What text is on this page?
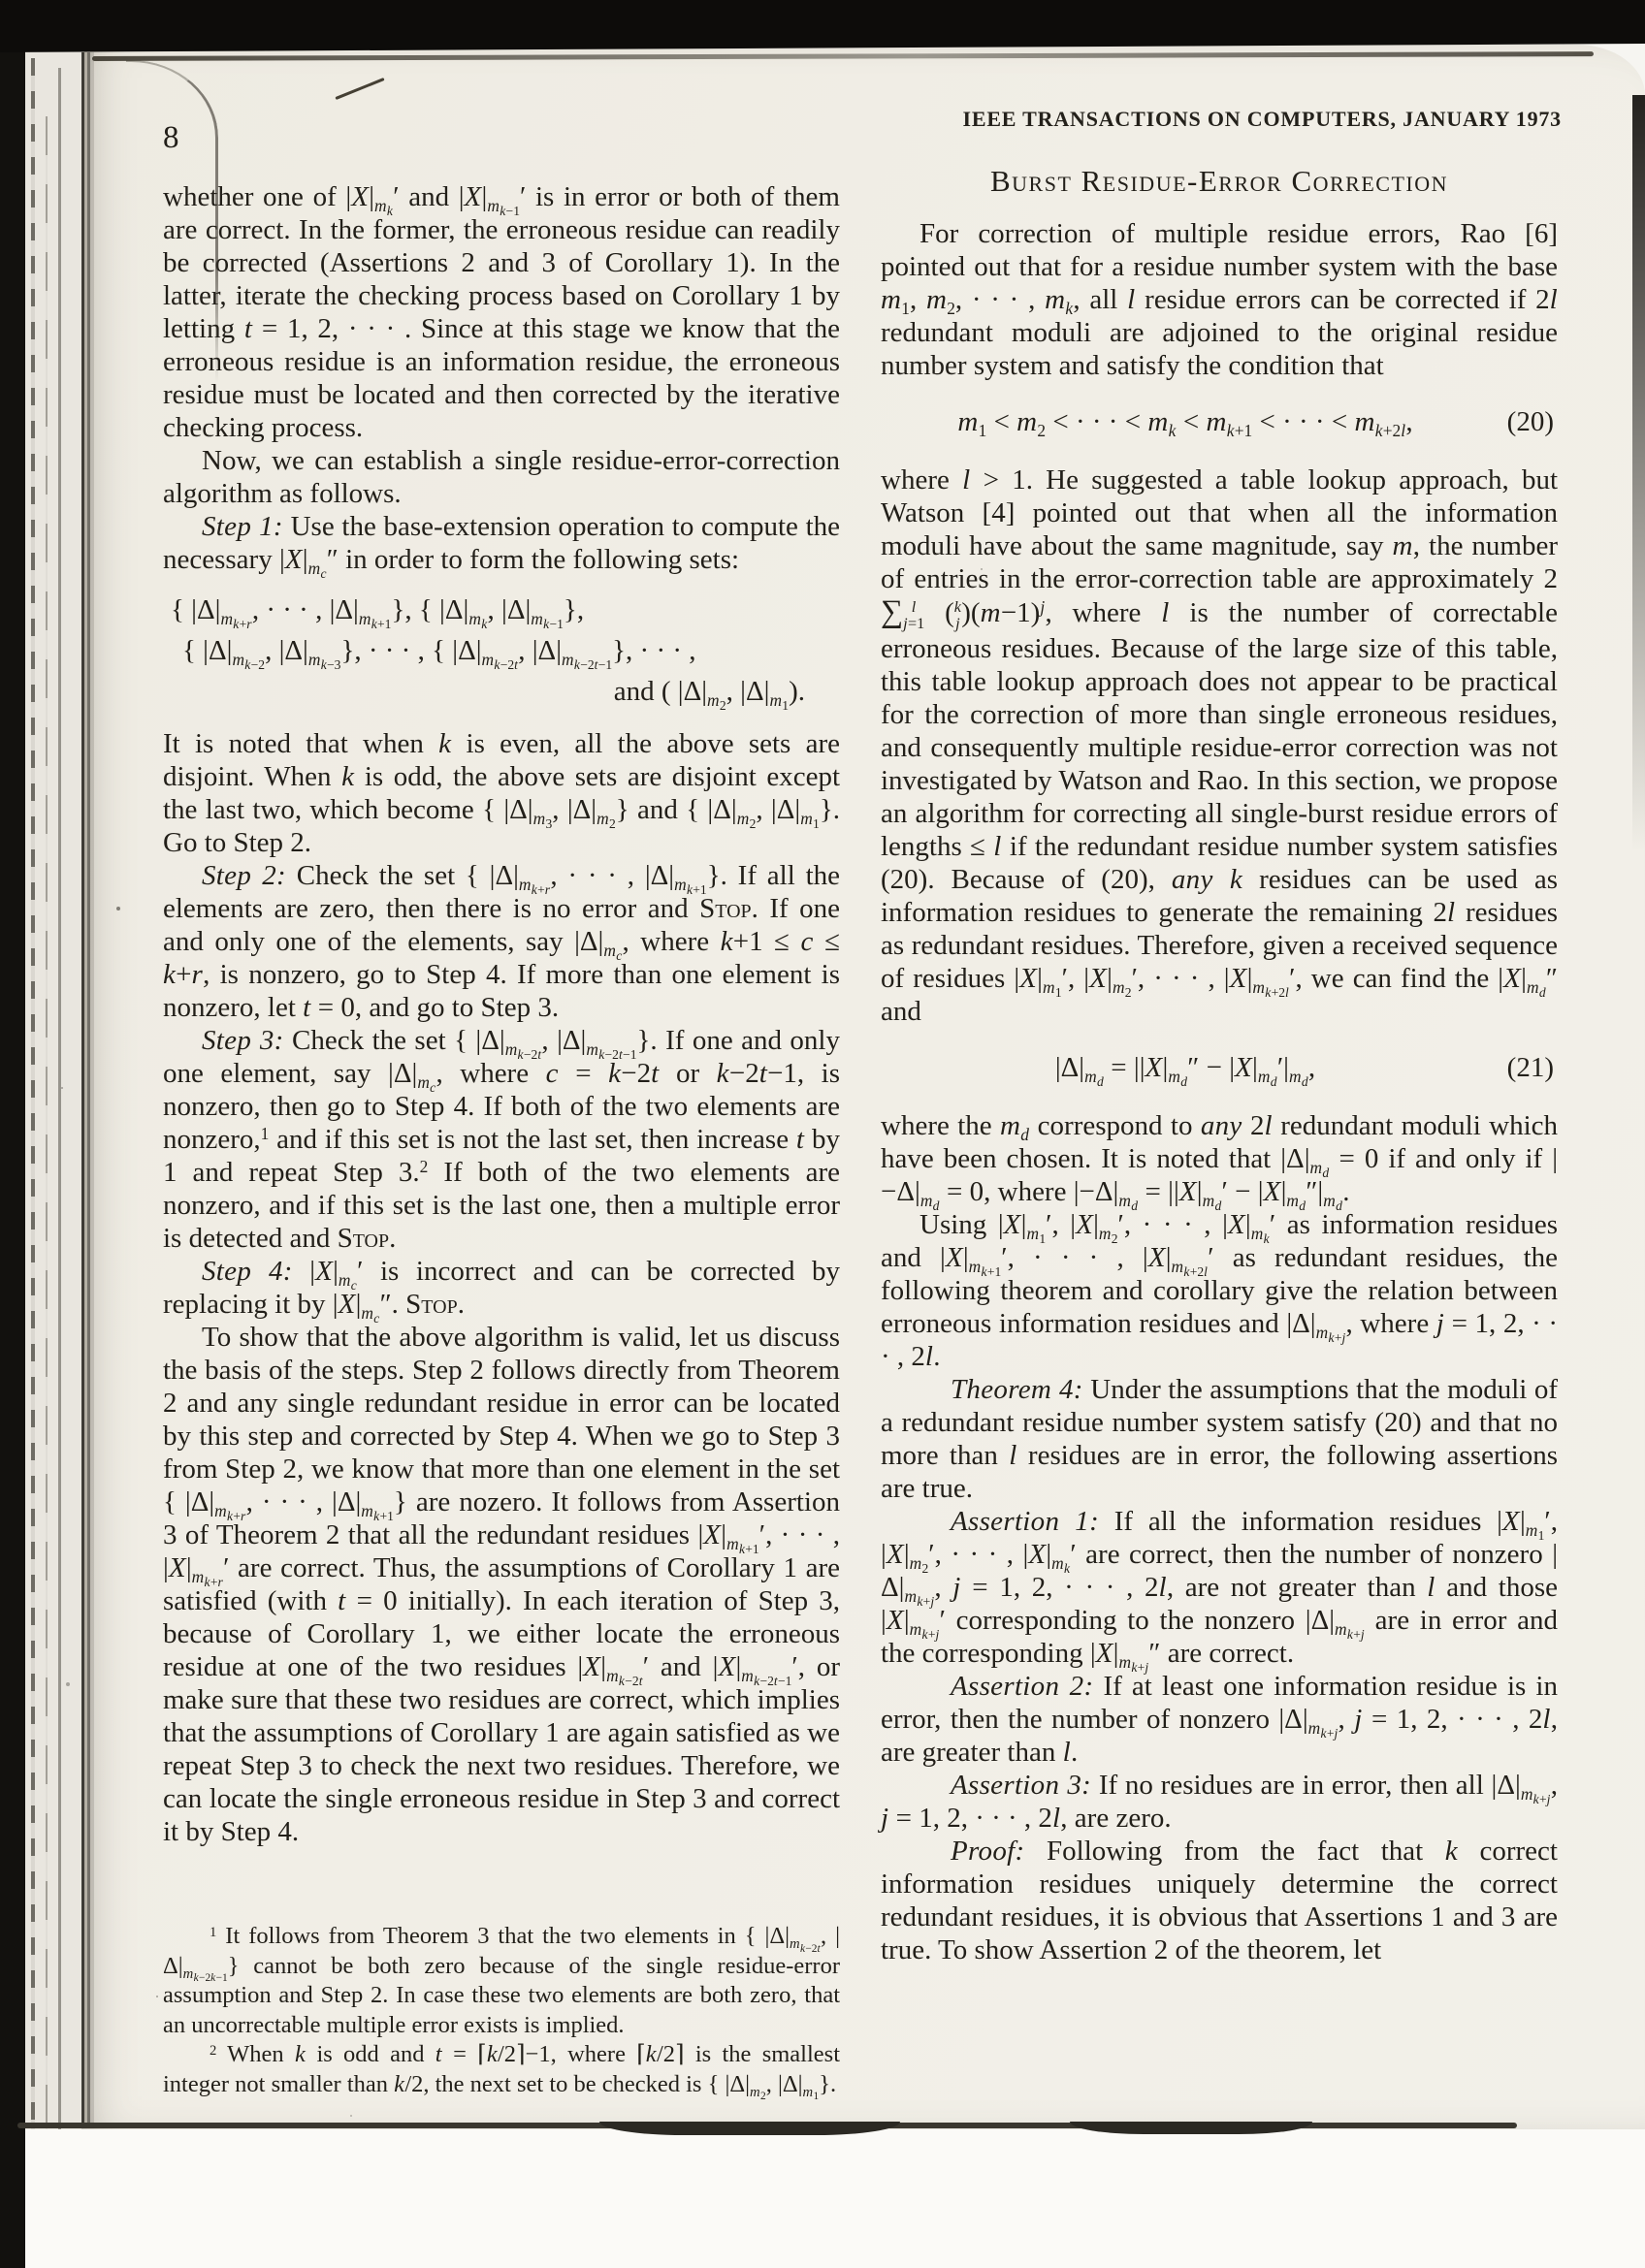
8
IEEE TRANSACTIONS ON COMPUTERS, JANUARY 1973

whether one of $|X|_{m_k}'$ and $|X|_{m_{k-1}}'$ is in error or both of them are correct. In the former, the erroneous residue can readily be corrected (Assertions 2 and 3 of Corollary 1). In the latter, iterate the checking process based on Corollary 1 by letting t = 1, 2, · · · . Since at this stage we know that the erroneous residue is an information residue, the erroneous residue must be located and then corrected by the iterative checking process.

Now, we can establish a single residue-error-correction algorithm as follows.

Step 1: Use the base-extension operation to compute the necessary $|X|_{m_c}''$ in order to form the following sets:

{ $|\Delta|_{m_{k+r}}$, · · · , $|\Delta|_{m_{k+1}}$}, { $|\Delta|_{m_k}$, $|\Delta|_{m_{k-1}}$},
{ $|\Delta|_{m_{k-2}}$, $|\Delta|_{m_{k-3}}$}, · · · , { $|\Delta|_{m_{k-2t}}$, $|\Delta|_{m_{k-2t-1}}$}, · · · ,
and ( $|\Delta|_{m_2}$, $|\Delta|_{m_1}$).

It is noted that when k is even, all the above sets are disjoint. When k is odd, the above sets are disjoint except the last two, which become { $|\Delta|_{m_3}$, $|\Delta|_{m_2}$} and { $|\Delta|_{m_2}$, $|\Delta|_{m_1}$}. Go to Step 2.

Step 2: Check the set { $|\Delta|_{m_{k+r}}$, · · · , $|\Delta|_{m_{k+1}}$}. If all the elements are zero, then there is no error and Stop. If one and only one of the elements, say $|\Delta|_{m_c}$, where k+1 ≤ c ≤ k+r, is nonzero, go to Step 4. If more than one element is nonzero, let t = 0, and go to Step 3.

Step 3: Check the set { $|\Delta|_{m_{k-2t}}$, $|\Delta|_{m_{k-2t-1}}$}. If one and only one element, say $|\Delta|_{m_c}$, where c = k−2t or k−2t−1, is nonzero, then go to Step 4. If both of the two elements are nonzero,$^1$ and if this set is not the last set, then increase t by 1 and repeat Step 3.$^2$ If both of the two elements are nonzero, and if this set is the last one, then a multiple error is detected and Stop.

Step 4: $|X|_{m_c}'$ is incorrect and can be corrected by replacing it by $|X|_{m_c}''$. Stop.

To show that the above algorithm is valid, let us discuss the basis of the steps. Step 2 follows directly from Theorem 2 and any single redundant residue in error can be located by this step and corrected by Step 4. When we go to Step 3 from Step 2, we know that more than one element in the set { $|\Delta|_{m_{k+r}}$, · · · , $|\Delta|_{m_{k+1}}$} are nozero. It follows from Assertion 3 of Theorem 2 that all the redundant residues $|X|_{m_{k+1}}'$, · · · , $|X|_{m_{k+r}}'$ are correct. Thus, the assumptions of Corollary 1 are satisfied (with t = 0 initially). In each iteration of Step 3, because of Corollary 1, we either locate the erroneous residue at one of the two residues $|X|_{m_{k-2t}}'$ and $|X|_{m_{k-2t-1}}'$, or make sure that these two residues are correct, which implies that the assumptions of Corollary 1 are again satisfied as we repeat Step 3 to check the next two residues. Therefore, we can locate the single erroneous residue in Step 3 and correct it by Step 4.

$^1$ It follows from Theorem 3 that the two elements in { $|\Delta|_{m_{k-2t}}$, $|\Delta|_{m_{k-2k-1}}$} cannot be both zero because of the single residue-error assumption and Step 2. In case these two elements are both zero, that an uncorrectable multiple error exists is implied.

$^2$ When k is odd and t = ⌈k/2⌉−1, where ⌈k/2⌉ is the smallest integer not smaller than k/2, the next set to be checked is { $|\Delta|_{m_2}$, $|\Delta|_{m_1}$}.

Burst Residue-Error Correction

For correction of multiple residue errors, Rao [6] pointed out that for a residue number system with the base $m_1$, $m_2$, · · · , $m_k$, all l residue errors can be corrected if 2l redundant moduli are adjoined to the original residue number system and satisfy the condition that

$m_1 < m_2$ < · · · < $m_k < m_{k+1}$ < · · · < $m_{k+2l}$,	(20)

where l > 1. He suggested a table lookup approach, but Watson [4] pointed out that when all the information moduli have about the same magnitude, say m, the number of entries in the error-correction table are approximately 2 ∑ l
j=1 ( k
j )$(m-1)^j$, where l is the number of correctable erroneous residues. Because of the large size of this table, this table lookup approach does not appear to be practical for the correction of more than single erroneous residues, and consequently multiple residue-error correction was not investigated by Watson and Rao. In this section, we propose an algorithm for correcting all single-burst residue errors of lengths ≤ l if the redundant residue number system satisfies (20). Because of (20), any k residues can be used as information residues to generate the remaining 2l residues as redundant residues. Therefore, given a received sequence of residues $|X|_{m_1}'$, $|X|_{m_2}'$, · · · , $|X|_{m_{k+2l}}'$, we can find the $|X|_{m_d}''$ and

$|\Delta|_{m_d} = ||X|_{m_d}'' - |X|_{m_d}'|_{m_d}$,	(21)

where the $m_d$ correspond to any 2l redundant moduli which have been chosen. It is noted that $|\Delta|_{m_d} = 0$ if and only if $|-\Delta|_{m_d} = 0$, where $|-\Delta|_{m_d} = ||X|_{m_d}' - |X|_{m_d}''|_{m_d}$.

Using $|X|_{m_1}'$, $|X|_{m_2}'$, · · · , $|X|_{m_k}'$ as information residues and $|X|_{m_{k+1}}'$, · · · , $|X|_{m_{k+2l}}'$ as redundant residues, the following theorem and corollary give the relation between erroneous information residues and $|\Delta|_{m_{k+j}}$, where j = 1, 2, · · · , 2l.

Theorem 4: Under the assumptions that the moduli of a redundant residue number system satisfy (20) and that no more than l residues are in error, the following assertions are true.

Assertion 1: If all the information residues $|X|_{m_1}'$, $|X|_{m_2}'$, · · · , $|X|_{m_k}'$ are correct, then the number of nonzero $|\Delta|_{m_{k+j}}$, j = 1, 2, · · · , 2l, are not greater than l and those $|X|_{m_{k+j}}'$ corresponding to the nonzero $|\Delta|_{m_{k+j}}$ are in error and the corresponding $|X|_{m_{k+j}}''$ are correct.

Assertion 2: If at least one information residue is in error, then the number of nonzero $|\Delta|_{m_{k+j}}$, j = 1, 2, · · · , 2l, are greater than l.

Assertion 3: If no residues are in error, then all $|\Delta|_{m_{k+j}}$, j = 1, 2, · · · , 2l, are zero.

Proof: Following from the fact that k correct information residues uniquely determine the correct redundant residues, it is obvious that Assertions 1 and 3 are true. To show Assertion 2 of the theorem, let
